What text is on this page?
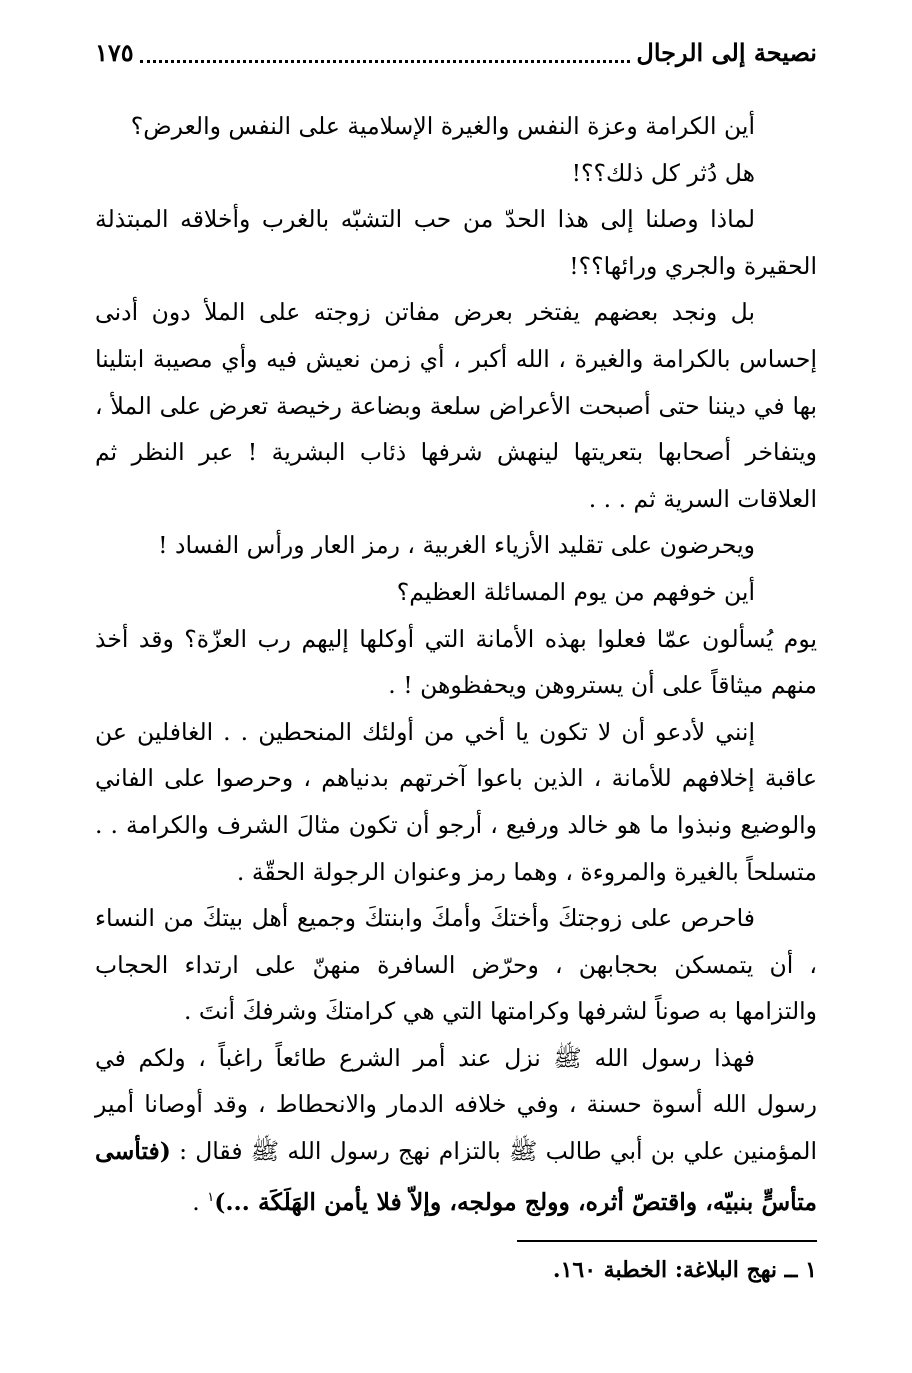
نصيحة إلى الرجال
١٧٥

أين الكرامة وعزة النفس والغيرة الإسلامية على النفس والعرض؟

هل دُثر كل ذلك؟؟!

لماذا وصلنا إلى هذا الحدّ من حب التشبّه بالغرب وأخلاقه المبتذلة الحقيرة والجري ورائها؟؟!

بل ونجد بعضهم يفتخر بعرض مفاتن زوجته على الملأ دون أدنى إحساس بالكرامة والغيرة ، الله أكبر ، أي زمن نعيش فيه وأي مصيبة ابتلينا بها في ديننا حتى أصبحت الأعراض سلعة وبضاعة رخيصة تعرض على الملأ ، ويتفاخر أصحابها بتعريتها لينهش شرفها ذئاب البشرية ! عبر النظر ثم العلاقات السرية ثم . . .

ويحرضون على تقليد الأزياء الغربية ، رمز العار ورأس الفساد !

أين خوفهم من يوم المسائلة العظيم؟

يوم يُسألون عمّا فعلوا بهذه الأمانة التي أوكلها إليهم رب العزّة؟ وقد أخذ منهم ميثاقاً على أن يستروهن ويحفظوهن ! .

إنني لأدعو أن لا تكون يا أخي من أولئك المنحطين . . الغافلين عن عاقبة إخلافهم للأمانة ، الذين باعوا آخرتهم بدنياهم ، وحرصوا على الفاني والوضيع ونبذوا ما هو خالد ورفيع ، أرجو أن تكون مثالَ الشرف والكرامة . . متسلحاً بالغيرة والمروءة ، وهما رمز وعنوان الرجولة الحقّة .

فاحرص على زوجتكَ وأختكَ وأمكَ وابنتكَ وجميع أهل بيتكَ من النساء ، أن يتمسكن بحجابهن ، وحرّض السافرة منهنّ على ارتداء الحجاب والتزامها به صوناً لشرفها وكرامتها التي هي كرامتكَ وشرفكَ أنتَ .

فهذا رسول الله ﷺ نزل عند أمر الشرع طائعاً راغباً ، ولكم في رسول الله أسوة حسنة ، وفي خلافه الدمار والانحطاط ، وقد أوصانا أمير المؤمنين علي بن أبي طالب ﷺ بالتزام نهج رسول الله ﷺ فقال : (فتأسى متأسٍّ بنبيّه، واقتصّ أثره، وولج مولجه، وإلاّ فلا يأمن الهَلَكَة ...)$^١$ .

١ ــ نهج البلاغة: الخطبة ١٦٠.
